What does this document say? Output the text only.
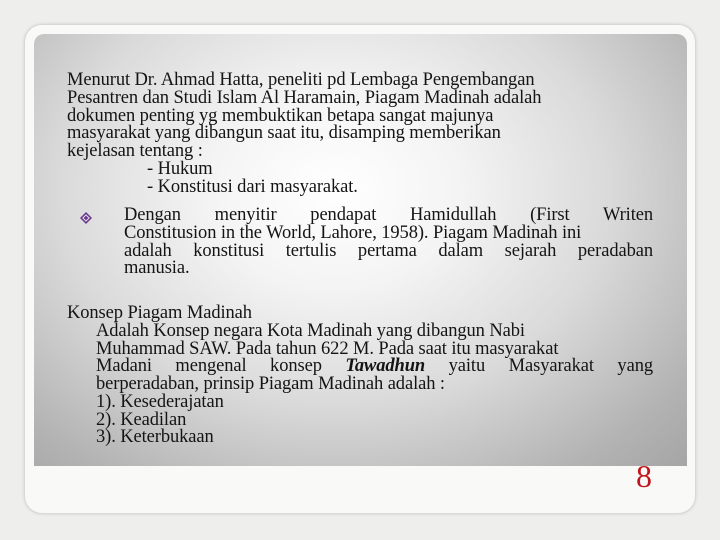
Menurut Dr. Ahmad Hatta, peneliti pd Lembaga Pengembangan
Pesantren dan Studi Islam Al Haramain, Piagam Madinah adalah
dokumen penting yg membuktikan betapa sangat majunya
masyarakat yang dibangun saat itu, disamping memberikan
kejelasan tentang :
- Hukum
- Konstitusi dari masyarakat.
Dengan menyitir pendapat Hamidullah (First Writen
Constitusion in the World, Lahore, 1958). Piagam Madinah ini
adalah konstitusi tertulis pertama dalam sejarah peradaban
manusia.
Konsep Piagam Madinah
Adalah Konsep negara Kota Madinah yang dibangun Nabi
Muhammad SAW. Pada tahun 622 M. Pada saat itu masyarakat
Madani mengenal konsep Tawadhun yaitu Masyarakat yang
berperadaban, prinsip Piagam Madinah adalah :
1). Kesederajatan
2). Keadilan
3). Keterbukaan
8
